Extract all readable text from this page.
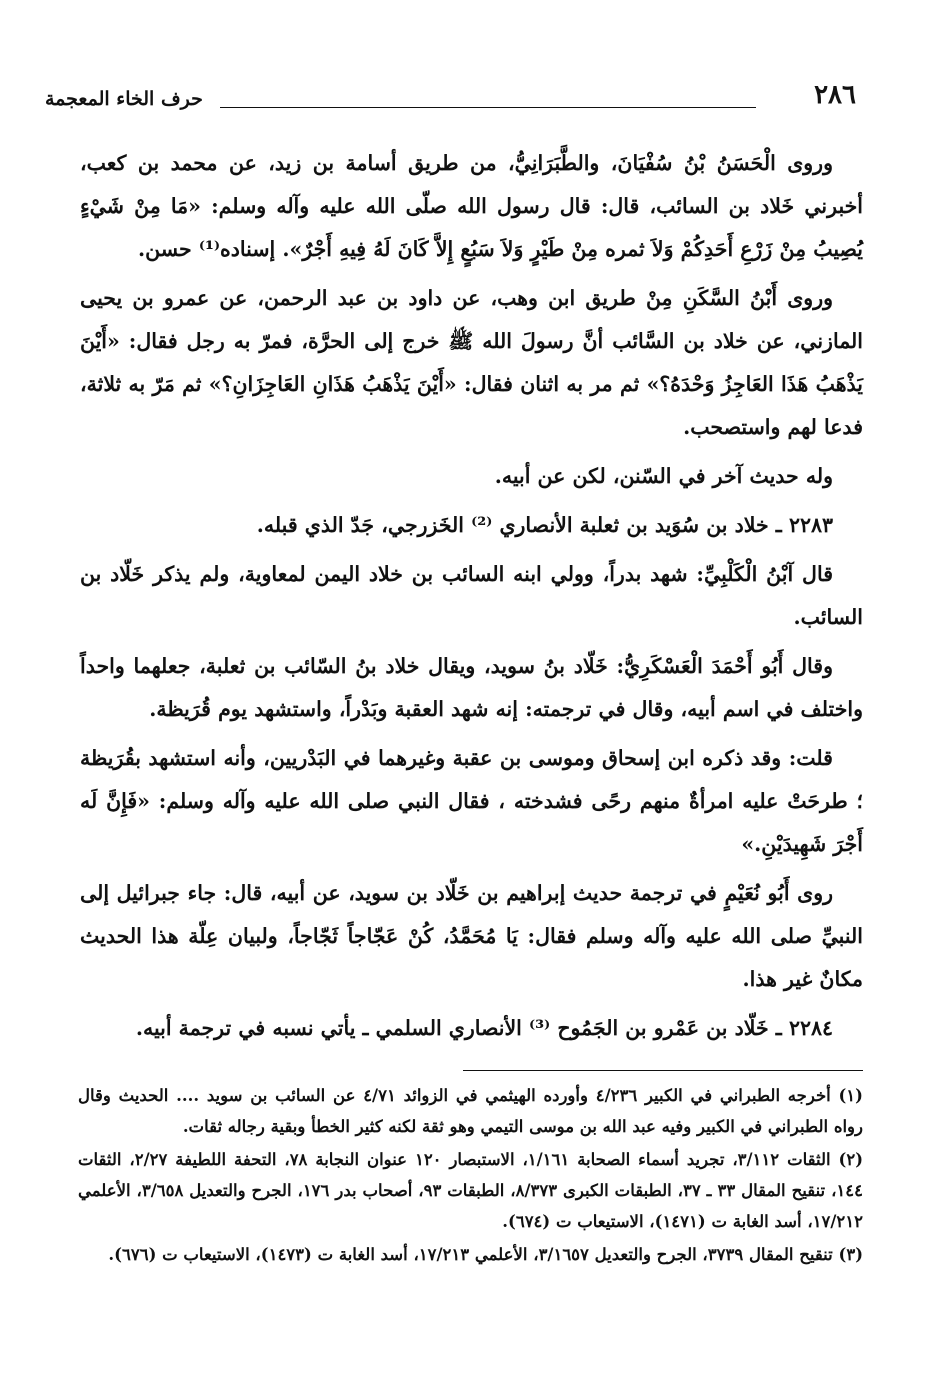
٢٨٦
حرف الخاء المعجمة

وروى الْحَسَنُ بْنُ سُفْيَانَ، والطَّبَرَانِيُّ، من طريق أسامة بن زيد، عن محمد بن كعب، أخبرني خَلاد بن السائب، قال: قال رسول الله صلّى الله عليه وآله وسلم: «مَا مِنْ شَيْءٍ يُصِيبُ مِنْ زَرْعِ أَحَدِكُمْ وَلاَ ثمره مِنْ طَيْرٍ وَلاَ سَبُعٍ إِلاَّ كَانَ لَهُ فِيهِ أَجْرٌ». إسناده⁽¹⁾ حسن.

وروى أَبْنُ السَّكَنِ مِنْ طريق ابن وهب، عن داود بن عبد الرحمن، عن عمرو بن يحيى المازني، عن خلاد بن السَّائب أنَّ رسولَ الله ﷺ خرج إلى الحرَّة، فمرّ به رجل فقال: «أَيْنَ يَذْهَبُ هَذَا العَاجِزُ وَحْدَهُ؟» ثم مر به اثنان فقال: «أَيْنَ يَذْهَبُ هَذَانِ العَاجِزَانِ؟» ثم مَرّ به ثلاثة، فدعا لهم واستصحب.

وله حديث آخر في السّنن، لكن عن أبيه.

٢٢٨٣ ـ خلاد بن سُوَيد بن ثعلبة الأنصاري ⁽²⁾ الخَزرجي، جَدّ الذي قبله.

قال آبْنُ الْكَلْبِيِّ: شهد بدراً، وولي ابنه السائب بن خلاد اليمن لمعاوية، ولم يذكر خَلّاد بن السائب.

وقال أَبُو أَحْمَدَ الْعَسْكَرِيُّ: خَلّاد بنُ سويد، ويقال خلاد بنُ السّائب بن ثعلبة، جعلهما واحداً واختلف في اسم أبيه، وقال في ترجمته: إنه شهد العقبة وبَدْراً، واستشهد يوم قُرَيظة.

قلت: وقد ذكره ابن إسحاق وموسى بن عقبة وغيرهما في البَدْريين، وأنه استشهد بقُرَيظة ؛ طرحَتْ عليه امرأةٌ منهم رحًى فشدخته ، فقال النبي صلى الله عليه وآله وسلم: «فَإِنَّ لَه أَجْرَ شَهِيدَيْنِ.»

روى أَبُو نُعَيْمٍ في ترجمة حديث إبراهيم بن خَلّاد بن سويد، عن أبيه، قال: جاء جبرائيل إلى النبيِّ صلى الله عليه وآله وسلم فقال: يَا مُحَمَّدُ، كُنْ عَجّاجاً ثَجّاجاً، ولبيان عِلّة هذا الحديث مكانٌ غير هذا.

٢٢٨٤ ـ خَلّاد بن عَمْرو بن الجَمُوح ⁽³⁾ الأنصاري السلمي ـ يأتي نسبه في ترجمة أبيه.

(١) أخرجه الطبراني في الكبير ٤/٢٣٦ وأورده الهيثمي في الزوائد ٤/٧١ عن السائب بن سويد .... الحديث وقال رواه الطبراني في الكبير وفيه عبد الله بن موسى التيمي وهو ثقة لكنه كثير الخطأ وبقية رجاله ثقات.

(٢) الثقات ٣/١١٢، تجريد أسماء الصحابة ١/١٦١، الاستبصار ١٢٠ عنوان النجابة ٧٨، التحفة اللطيفة ٢/٢٧، الثقات ١٤٤، تنقيح المقال ٣٣ ـ ٣٧، الطبقات الكبرى ٨/٣٧٣، الطبقات ٩٣، أصحاب بدر ١٧٦، الجرح والتعديل ٣/٦٥٨، الأعلمي ١٧/٢١٢، أسد الغابة ت (١٤٧١)، الاستيعاب ت (٦٧٤).

(٣) تنقيح المقال ٣٧٣٩، الجرح والتعديل ٣/١٦٥٧، الأعلمي ١٧/٢١٣، أسد الغابة ت (١٤٧٣)، الاستيعاب ت (٦٧٦).
